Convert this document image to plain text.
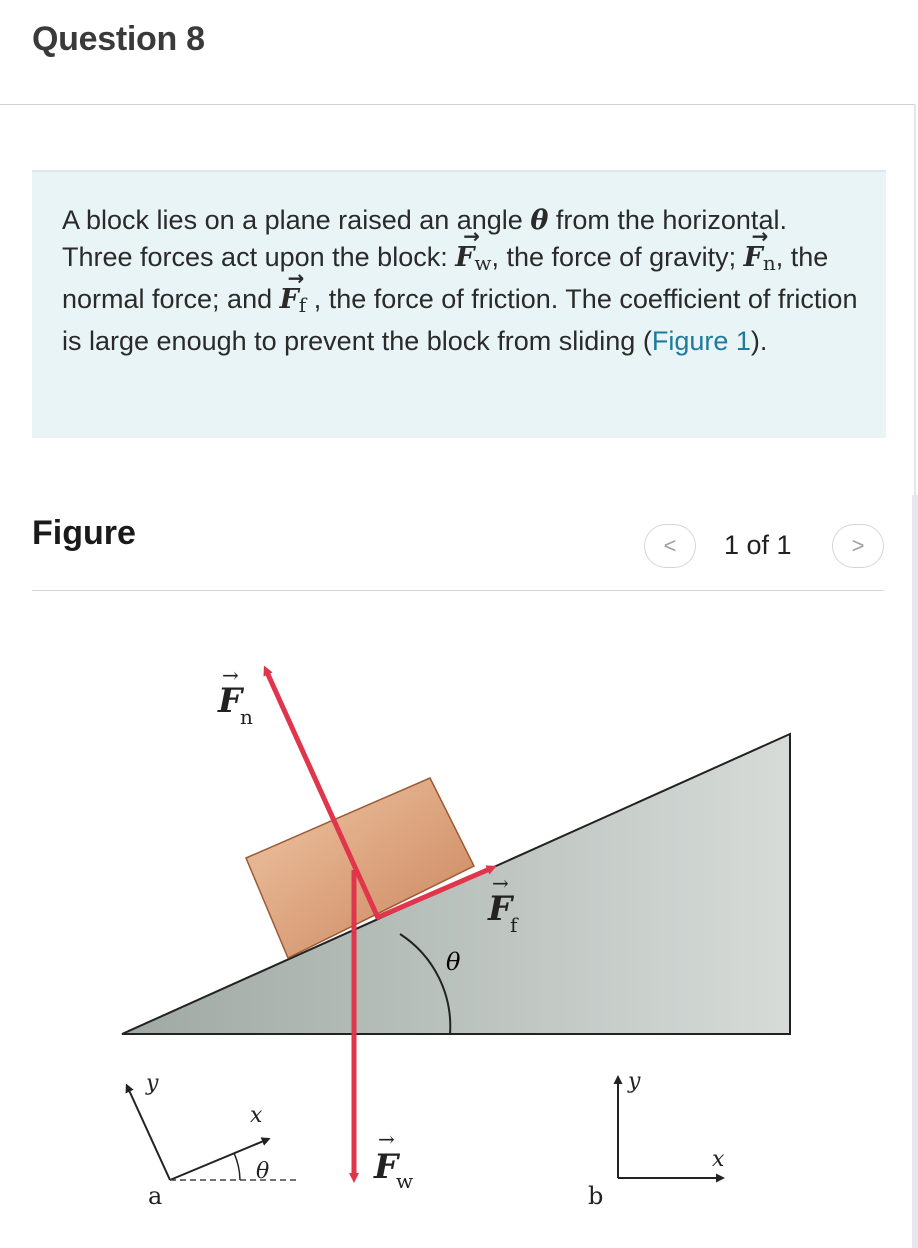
Question 8
A block lies on a plane raised an angle θ from the horizontal. Three forces act upon the block: → $F_w$, the force of gravity; → $F_n$, the normal force; and → $F_f$ , the force of friction. The coefficient of friction is large enough to prevent the block from sliding (Figure 1).
Figure	< 1 of 1	>
θ
F
n
→
F
f
→
F
w
→
y
x
θ
a
y
x
b
